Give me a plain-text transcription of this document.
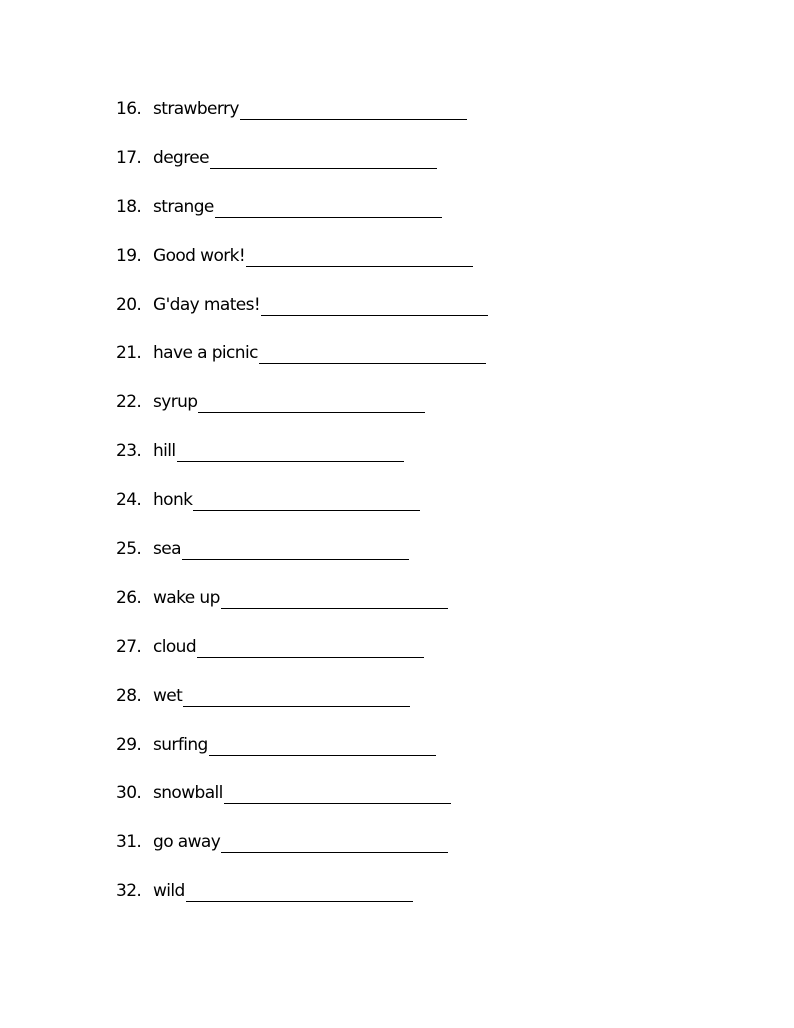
16. strawberry
17. degree
18. strange
19. Good work!
20. G'day mates!
21. have a picnic
22. syrup
23. hill
24. honk
25. sea
26. wake up
27. cloud
28. wet
29. surfing
30. snowball
31. go away
32. wild
